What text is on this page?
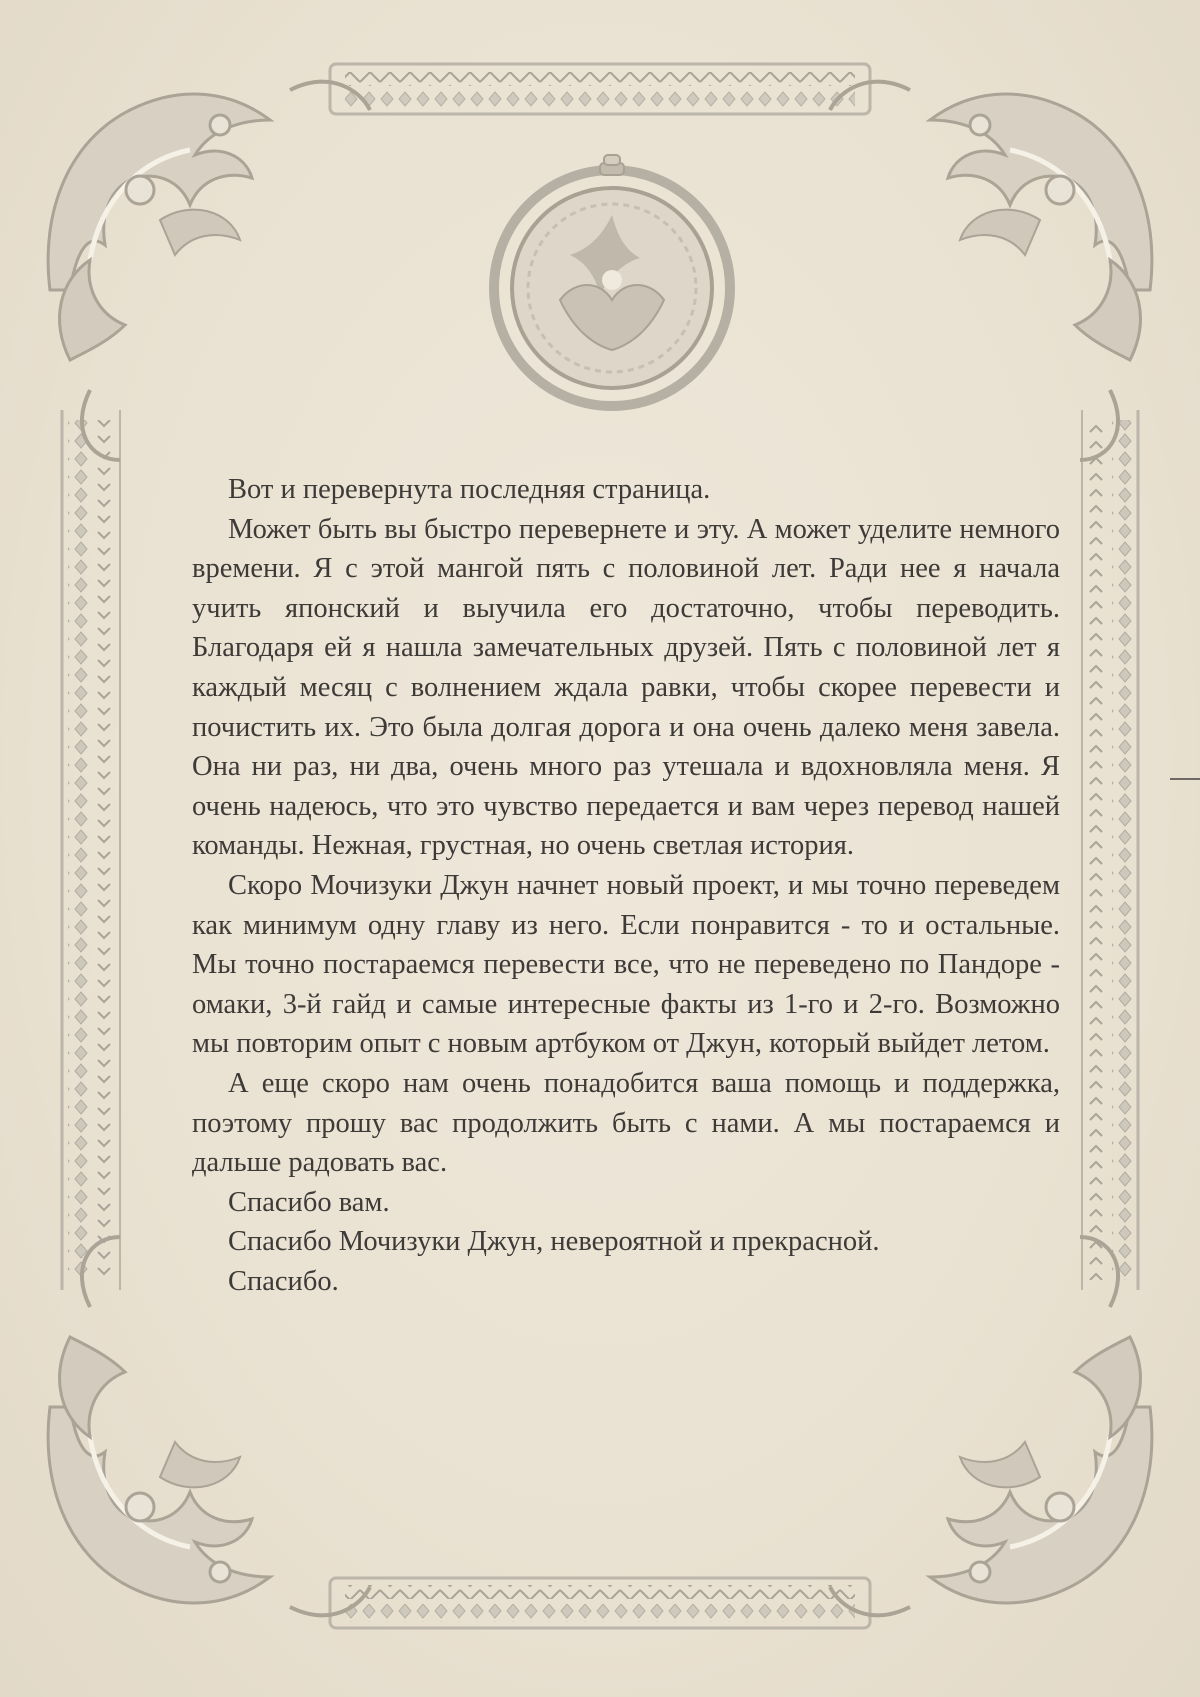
Вот и перевернута последняя страница.

Может быть вы быстро перевернете и эту. А может уделите немного времени. Я с этой мангой пять с половиной лет. Ради нее я начала учить японский и выучила его достаточно, чтобы переводить. Благодаря ей я нашла замечательных друзей. Пять с половиной лет я каждый месяц с волнением ждала равки, чтобы скорее перевести и почистить их. Это была долгая дорога и она очень далеко меня завела. Она ни раз, ни два, очень много раз утешала и вдохновляла меня. Я очень надеюсь, что это чувство передается и вам через перевод нашей команды. Нежная, грустная, но очень светлая история.

Скоро Мочизуки Джун начнет новый проект, и мы точно переведем как минимум одну главу из него. Если понравится - то и остальные. Мы точно постараемся перевести все, что не переведено по Пандоре - омаки, 3-й гайд и самые интересные факты из 1-го и 2-го. Возможно мы повторим опыт с новым артбуком от Джун, который выйдет летом.

А еще скоро нам очень понадобится ваша помощь и поддержка, поэтому прошу вас продолжить быть с нами. А мы постараемся и дальше радовать вас.

Спасибо вам.

Спасибо Мочизуки Джун, невероятной и прекрасной.

Спасибо.
